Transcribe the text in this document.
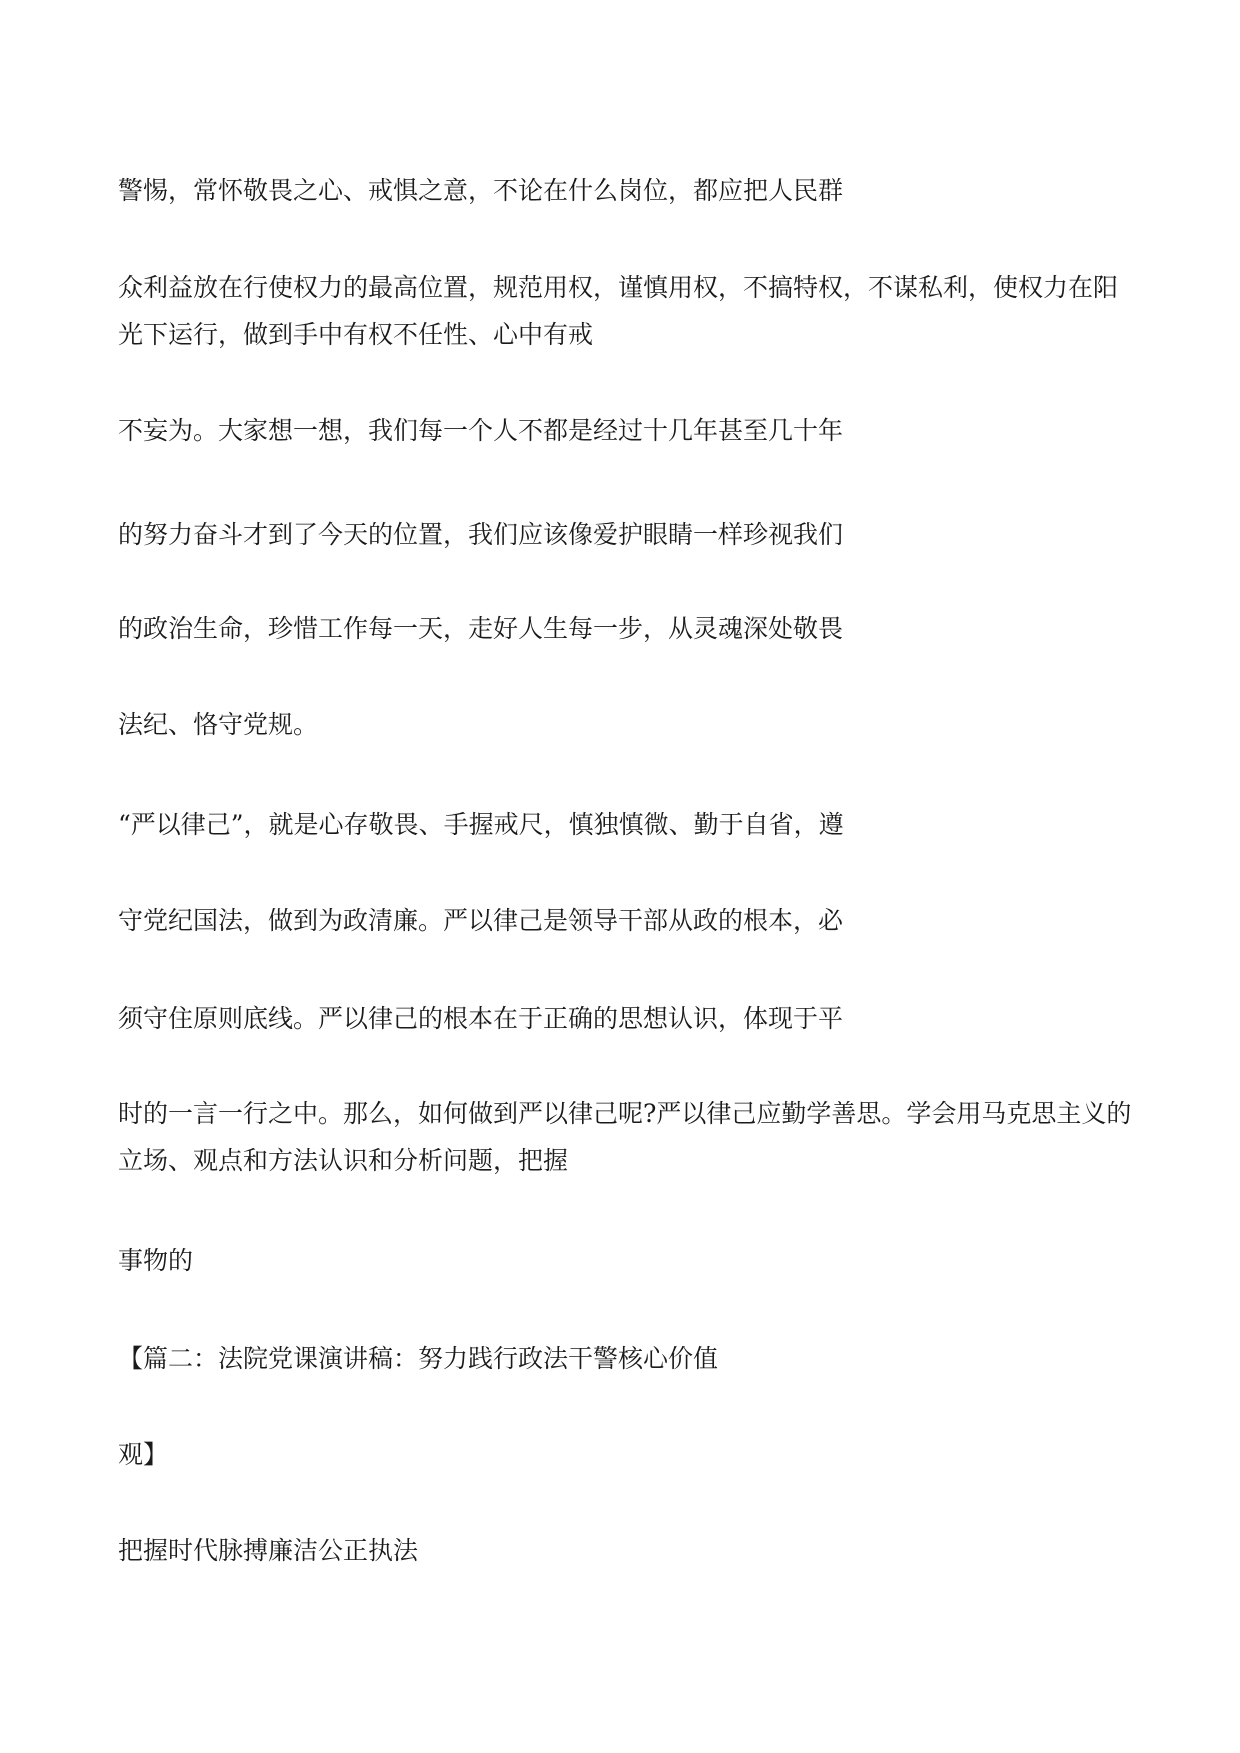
警惕，常怀敬畏之心、戒惧之意，不论在什么岗位，都应把人民群

众利益放在行使权力的最高位置，规范用权，谨慎用权，不搞特权，不谋私利，使权力在阳光下运行，做到手中有权不任性、心中有戒

不妄为。大家想一想，我们每一个人不都是经过十几年甚至几十年

的努力奋斗才到了今天的位置，我们应该像爱护眼睛一样珍视我们

的政治生命，珍惜工作每一天，走好人生每一步，从灵魂深处敬畏

法纪、恪守党规。

“严以律己”，就是心存敬畏、手握戒尺，慎独慎微、勤于自省，遵

守党纪国法，做到为政清廉。严以律己是领导干部从政的根本，必

须守住原则底线。严以律己的根本在于正确的思想认识，体现于平

时的一言一行之中。那么，如何做到严以律己呢?严以律己应勤学善思。学会用马克思主义的立场、观点和方法认识和分析问题，把握

事物的

【篇二：法院党课演讲稿：努力践行政法干警核心价值

观】

把握时代脉搏廉洁公正执法
